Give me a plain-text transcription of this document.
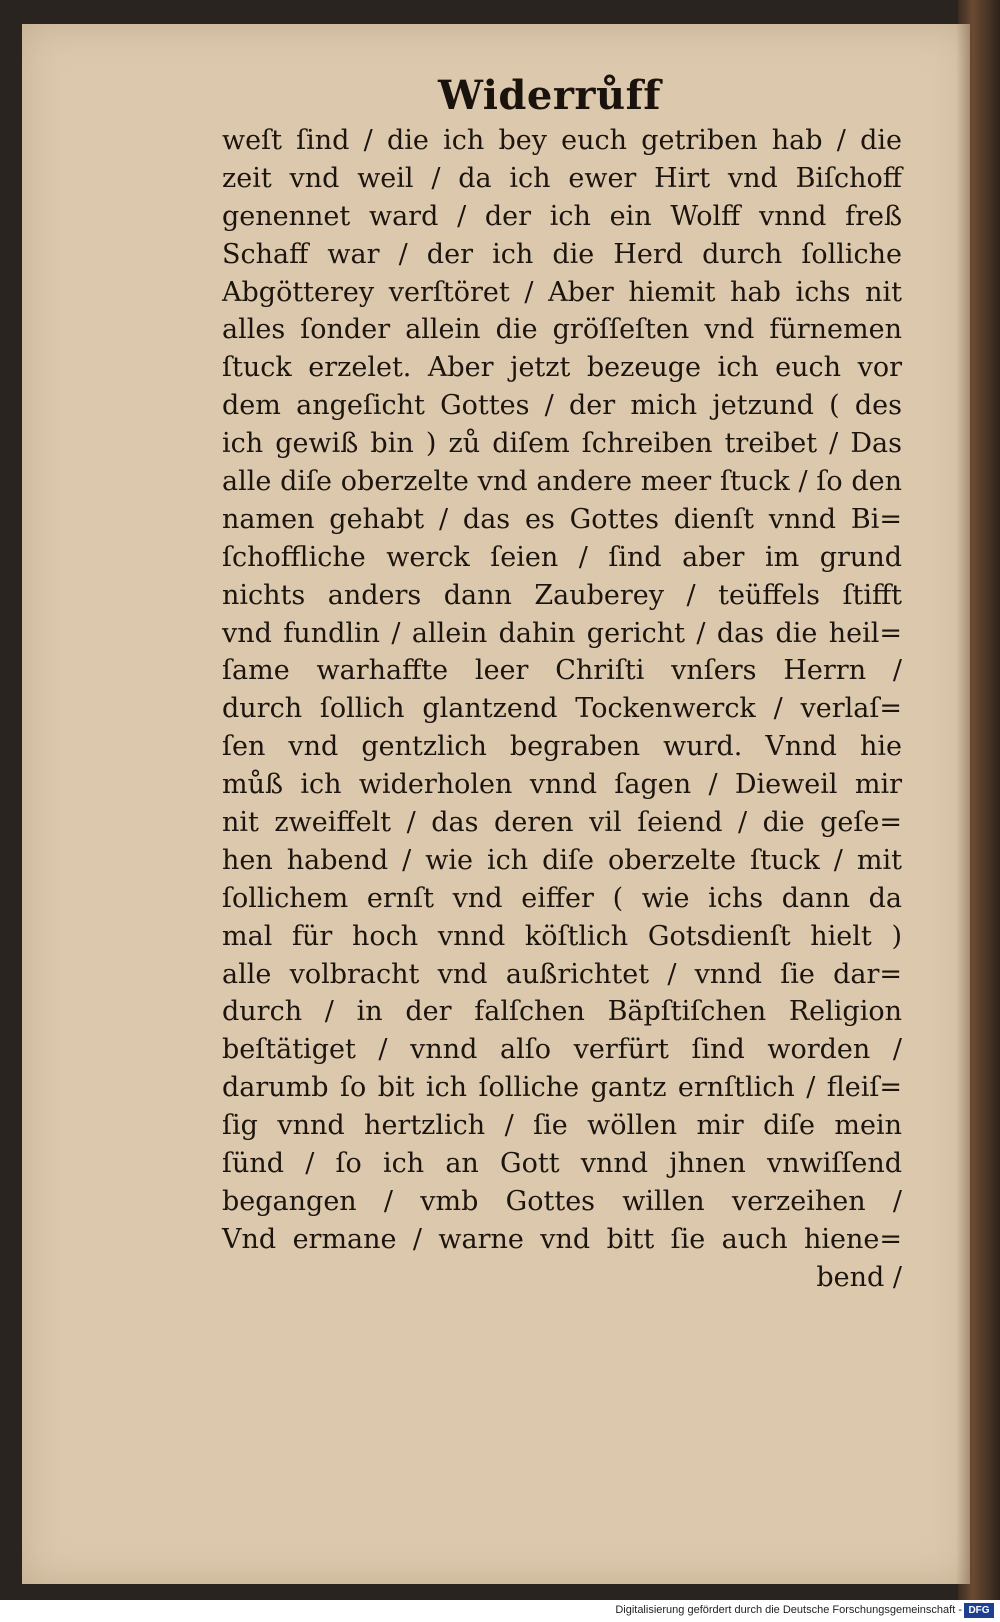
Widerrůff
weſt ſind / die ich bey euch getriben hab / die
zeit vnd weil / da ich ewer Hirt vnd Biſchoff
genennet ward / der ich ein Wolff vnnd freß
Schaff war / der ich die Herd durch ſolliche
Abgötterey verſtöret / Aber hiemit hab ichs nit
alles ſonder allein die gröſſeſten vnd fürnemen
ſtuck erzelet. Aber jetzt bezeuge ich euch vor
dem angeſicht Gottes / der mich jetzund ( des
ich gewiß bin ) zů diſem ſchreiben treibet / Das
alle diſe oberzelte vnd andere meer ſtuck / ſo den
namen gehabt / das es Gottes dienſt vnnd Bi=
ſchoffliche werck ſeien / ſind aber im grund
nichts anders dann Zauberey / teüffels ſtifft
vnd fundlin / allein dahin gericht / das die heil=
ſame warhaffte leer Chriſti vnſers Herrn /
durch ſollich glantzend Tockenwerck / verlaſ=
ſen vnd gentzlich begraben wurd. Vnnd hie
můß ich widerholen vnnd ſagen / Dieweil mir
nit zweiffelt / das deren vil ſeiend / die geſe=
hen habend / wie ich diſe oberzelte ſtuck / mit
ſollichem ernſt vnd eiffer ( wie ichs dann da
mal für hoch vnnd köſtlich Gotsdienſt hielt )
alle volbracht vnd außrichtet / vnnd ſie dar=
durch / in der falſchen Bäpſtiſchen Religion
beſtätiget / vnnd alſo verfürt ſind worden /
darumb ſo bit ich ſolliche gantz ernſtlich / fleiſ=
ſig vnnd hertzlich / ſie wöllen mir diſe mein
ſünd / ſo ich an Gott vnnd jhnen vnwiſſend
begangen / vmb Gottes willen verzeihen /
Vnd ermane / warne vnd bitt ſie auch hiene=
bend /
Digitalisierung gefördert durch die Deutsche Forschungsgemeinschaft - DFG
